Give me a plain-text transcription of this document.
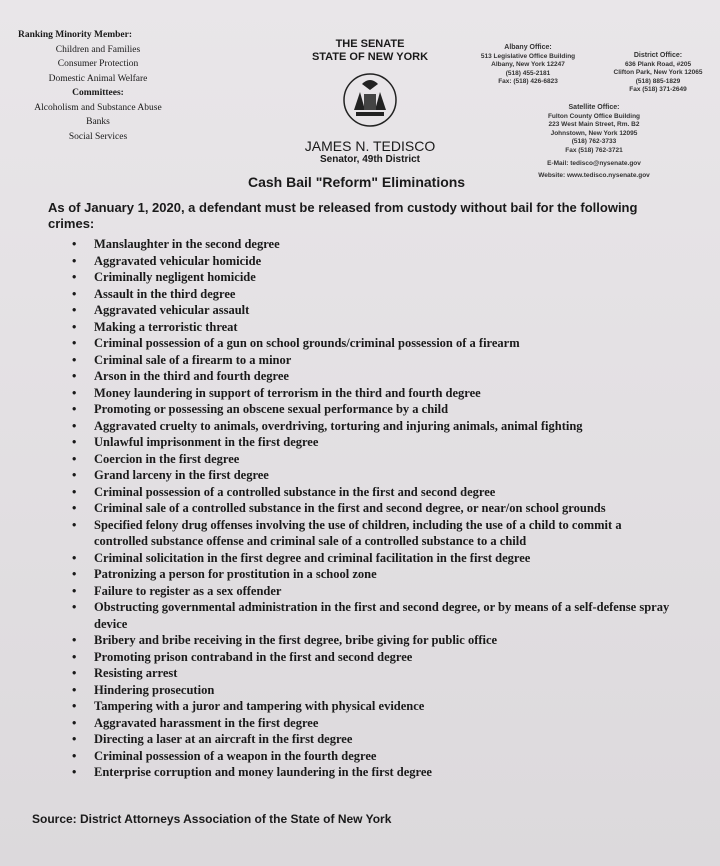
Ranking Minority Member:
Children and Families
Consumer Protection
Domestic Animal Welfare
Committees:
Alcoholism and Substance Abuse
Banks
Social Services
THE SENATE
STATE OF NEW YORK
JAMES N. TEDISCO
Senator, 49th District
Albany Office:
513 Legislative Office Building
Albany, New York 12247
(518) 455-2181
Fax: (518) 426-6823
District Office:
636 Plank Road, #205
Clifton Park, New York 12065
(518) 885-1829
Fax (518) 371-2649
Satellite Office:
Fulton County Office Building
223 West Main Street, Rm. B2
Johnstown, New York 12095
(518) 762-3733
Fax (518) 762-3721
E-Mail: tedisco@nysenate.gov
Website: www.tedisco.nysenate.gov
Cash Bail "Reform" Eliminations
As of January 1, 2020, a defendant must be released from custody without bail for the following crimes:
• Manslaughter in the second degree
• Aggravated vehicular homicide
• Criminally negligent homicide
• Assault in the third degree
• Aggravated vehicular assault
• Making a terroristic threat
• Criminal possession of a gun on school grounds/criminal possession of a firearm
• Criminal sale of a firearm to a minor
• Arson in the third and fourth degree
• Money laundering in support of terrorism in the third and fourth degree
• Promoting or possessing an obscene sexual performance by a child
• Aggravated cruelty to animals, overdriving, torturing and injuring animals, animal fighting
• Unlawful imprisonment in the first degree
• Coercion in the first degree
• Grand larceny in the first degree
• Criminal possession of a controlled substance in the first and second degree
• Criminal sale of a controlled substance in the first and second degree, or near/on school grounds
• Specified felony drug offenses involving the use of children, including the use of a child to commit a controlled substance offense and criminal sale of a controlled substance to a child
• Criminal solicitation in the first degree and criminal facilitation in the first degree
• Patronizing a person for prostitution in a school zone
• Failure to register as a sex offender
• Obstructing governmental administration in the first and second degree, or by means of a self-defense spray device
• Bribery and bribe receiving in the first degree, bribe giving for public office
• Promoting prison contraband in the first and second degree
• Resisting arrest
• Hindering prosecution
• Tampering with a juror and tampering with physical evidence
• Aggravated harassment in the first degree
• Directing a laser at an aircraft in the first degree
• Criminal possession of a weapon in the fourth degree
• Enterprise corruption and money laundering in the first degree
Source: District Attorneys Association of the State of New York
